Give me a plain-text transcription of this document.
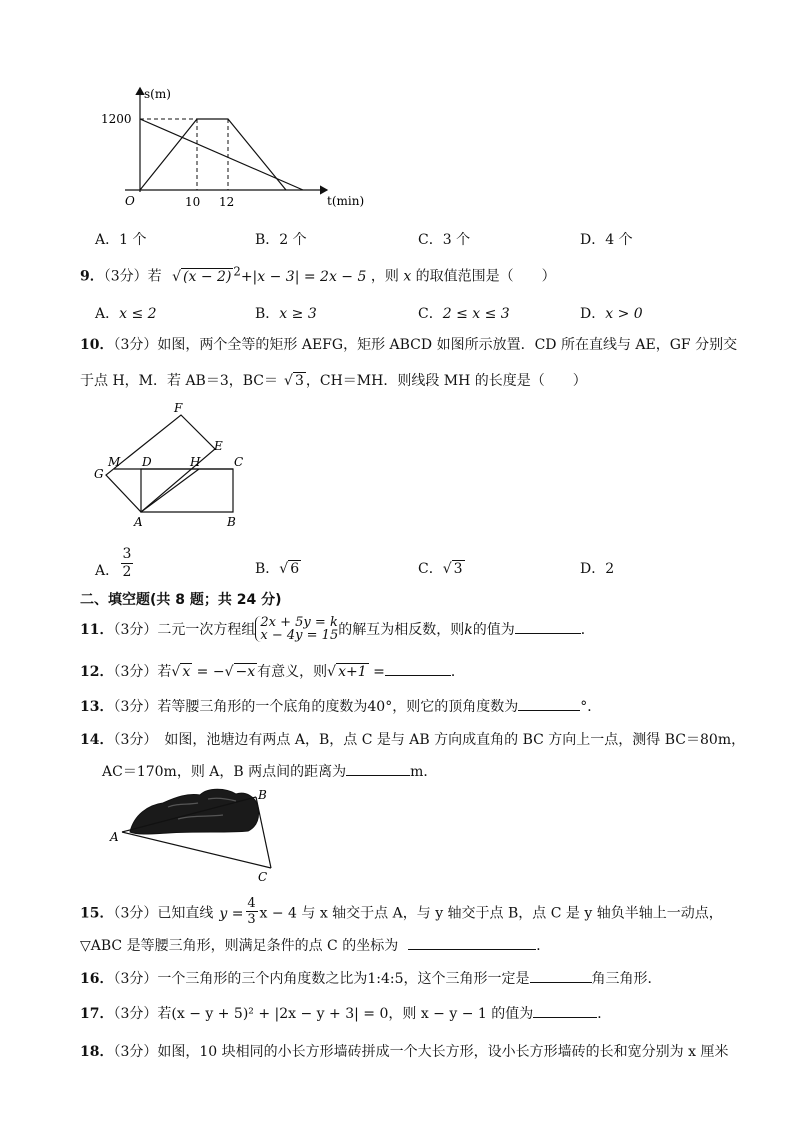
s(m)
t(min)
1200
O	10 12
A．1 个	B．2 个	C．3 个	D．4 个
9．（3分）若 √ (x − 2) $^2$+|x − 3| = 2x − 5 ，则 x 的取值范围是（　　）
A．x ≤ 2	B．x ≥ 3	C．2 ≤ x ≤ 3	D．x > 0
10．（3分）如图，两个全等的矩形 AEFG，矩形 ABCD 如图所示放置．CD 所在直线与 AE，GF 分别交
于点 H，M．若 AB＝3，BC＝ √ 3 ，CH＝MH．则线段 MH 的长度是（　　）
F
E
M D	H	C
G
A	B
A．
3
2	B．√ 6	C．√ 3	D．2
二、填空题(共 8 题；共 24 分)
11．（3分）二元一次方程组 2x + 5y = k
x − 4y = 15 的解互为相反数，则k的值为	．
12．（3分）若√ x = −√ −x 有意义，则√ x+1 =	．
13．（3分）若等腰三角形的一个底角的度数为40°，则它的顶角度数为	°．
14．（3分）　如图，池塘边有两点 A，B，点 C 是与 AB 方向成直角的 BC 方向上一点，测得 BC＝80m，
AC＝170m，则 A，B 两点间的距离为	m．
A
B
C
15．（3分）已知直线 $y = \frac{4}{3}$ x − 4 与 x 轴交于点 A，与 y 轴交于点 B，点 C 是 y 轴负半轴上一动点，
▽ABC 是等腰三角形，则满足条件的点 C 的坐标为	．
16．（3分）一个三角形的三个内角度数之比为1:4:5，这个三角形一定是	角三角形．
17．（3分）若(x − y + 5)² + |2x − y + 3| = 0，则 x − y − 1 的值为	．
18．（3分）如图，10 块相同的小长方形墙砖拼成一个大长方形，设小长方形墙砖的长和宽分别为 x 厘米
